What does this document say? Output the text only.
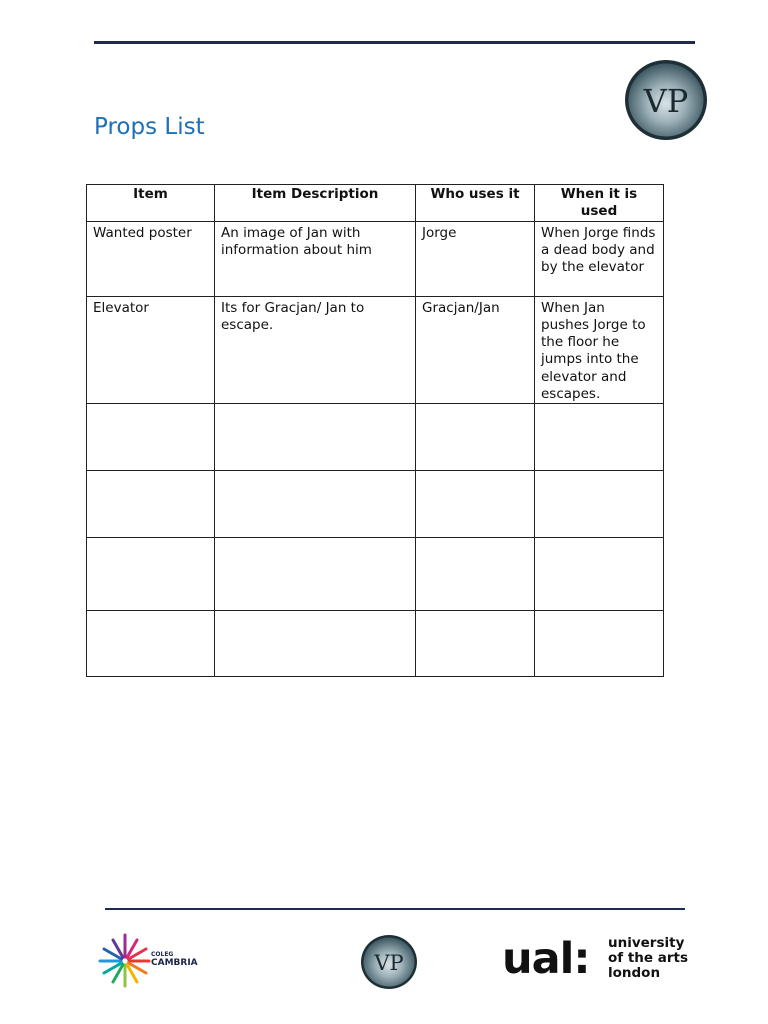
VP
Props List
Item	Item Description	Who uses it	When it is used
Wanted poster	An image of Jan with information about him	Jorge	When Jorge finds a dead body and by the elevator
Elevator	Its for Gracjan/ Jan to escape.	Gracjan/Jan	When Jan pushes Jorge to the floor he jumps into the elevator and escapes.

COLEG
CAMBRIA	VP ual: university
of the arts
london
